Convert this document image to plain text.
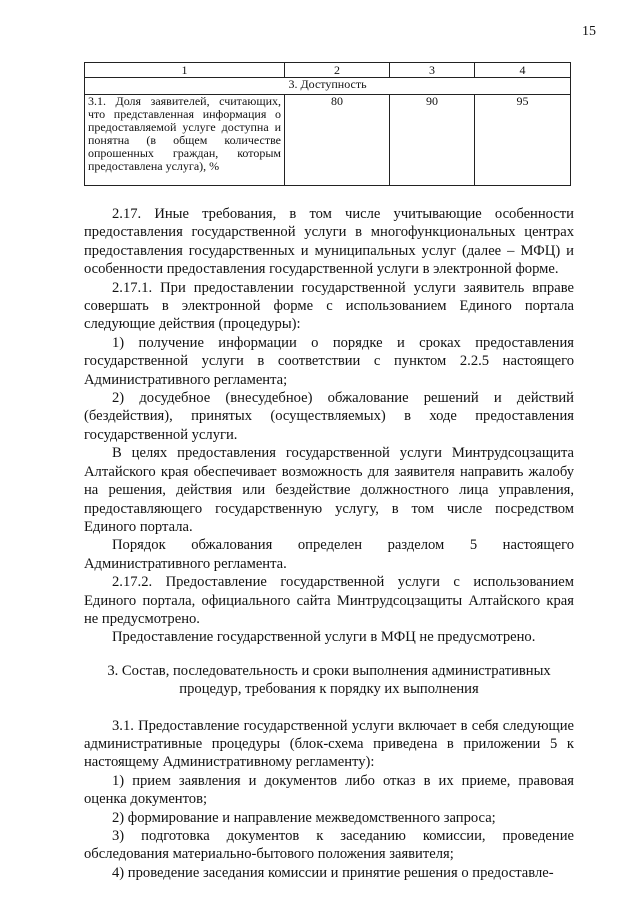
15
1	2	3	4
3. Доступность			
3.1. Доля заявителей, считающих, что представленная информация о предоставляемой услуге доступна и понятна (в общем количестве опрошенных граждан, которым предоставлена услуга), %	80	90	95

2.17. Иные требования, в том числе учитывающие особенности предоставления государственной услуги в многофункциональных центрах предоставления государственных и муниципальных услуг (далее – МФЦ) и особенности предоставления государственной услуги в электронной форме.

2.17.1. При предоставлении государственной услуги заявитель вправе совершать в электронной форме с использованием Единого портала следующие действия (процедуры):

1) получение информации о порядке и сроках предоставления государственной услуги в соответствии с пунктом 2.2.5 настоящего Административного регламента;

2) досудебное (внесудебное) обжалование решений и действий (бездействия), принятых (осуществляемых) в ходе предоставления государственной услуги.

В целях предоставления государственной услуги Минтрудсоцзащита Алтайского края обеспечивает возможность для заявителя направить жалобу на решения, действия или бездействие должностного лица управления, предоставляющего государственную услугу, в том числе посредством Единого портала.

Порядок обжалования определен разделом 5 настоящего Административного регламента.

2.17.2. Предоставление государственной услуги с использованием Единого портала, официального сайта Минтрудсоцзащиты Алтайского края не предусмотрено.

Предоставление государственной услуги в МФЦ не предусмотрено.

3. Состав, последовательность и сроки выполнения административных процедур, требования к порядку их выполнения

3.1. Предоставление государственной услуги включает в себя следующие административные процедуры (блок-схема приведена в приложении 5 к настоящему Административному регламенту):

1) прием заявления и документов либо отказ в их приеме, правовая оценка документов;

2) формирование и направление межведомственного запроса;

3) подготовка документов к заседанию комиссии, проведение обследования материально-бытового положения заявителя;

4) проведение заседания комиссии и принятие решения о предоставле-
